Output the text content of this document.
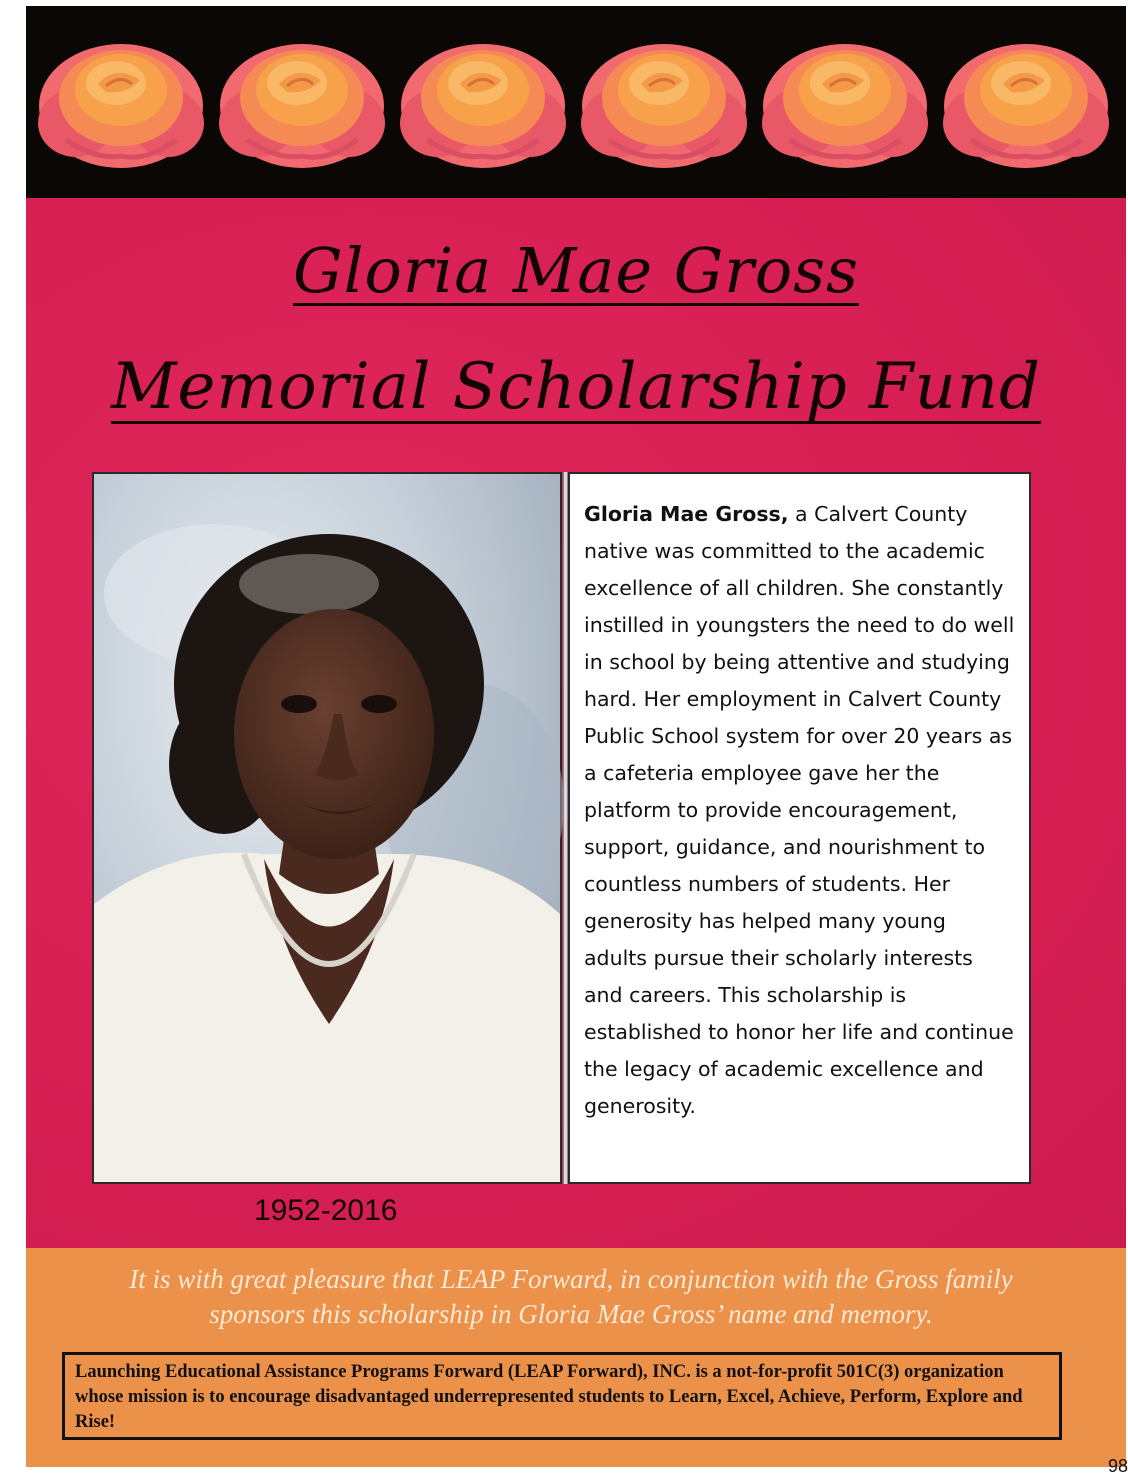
Gloria Mae Gross
Memorial Scholarship Fund
Gloria Mae Gross, a Calvert County native was committed to the academic excellence of all children. She constantly instilled in youngsters the need to do well in school by being attentive and studying hard. Her employment in Calvert County Public School system for over 20 years as a cafeteria employee gave her the platform to provide encouragement, support, guidance, and nourishment to countless numbers of students. Her generosity has helped many young adults pursue their scholarly interests and careers. This scholarship is established to honor her life and continue the legacy of academic excellence and generosity.
1952-2016
It is with great pleasure that LEAP Forward, in conjunction with the Gross family
sponsors this scholarship in Gloria Mae Gross’ name and memory.
Launching Educational Assistance Programs Forward (LEAP Forward), INC. is a not-for-profit 501C(3) organization whose mission is to encourage disadvantaged underrepresented students to Learn, Excel, Achieve, Perform, Explore and Rise!
98
